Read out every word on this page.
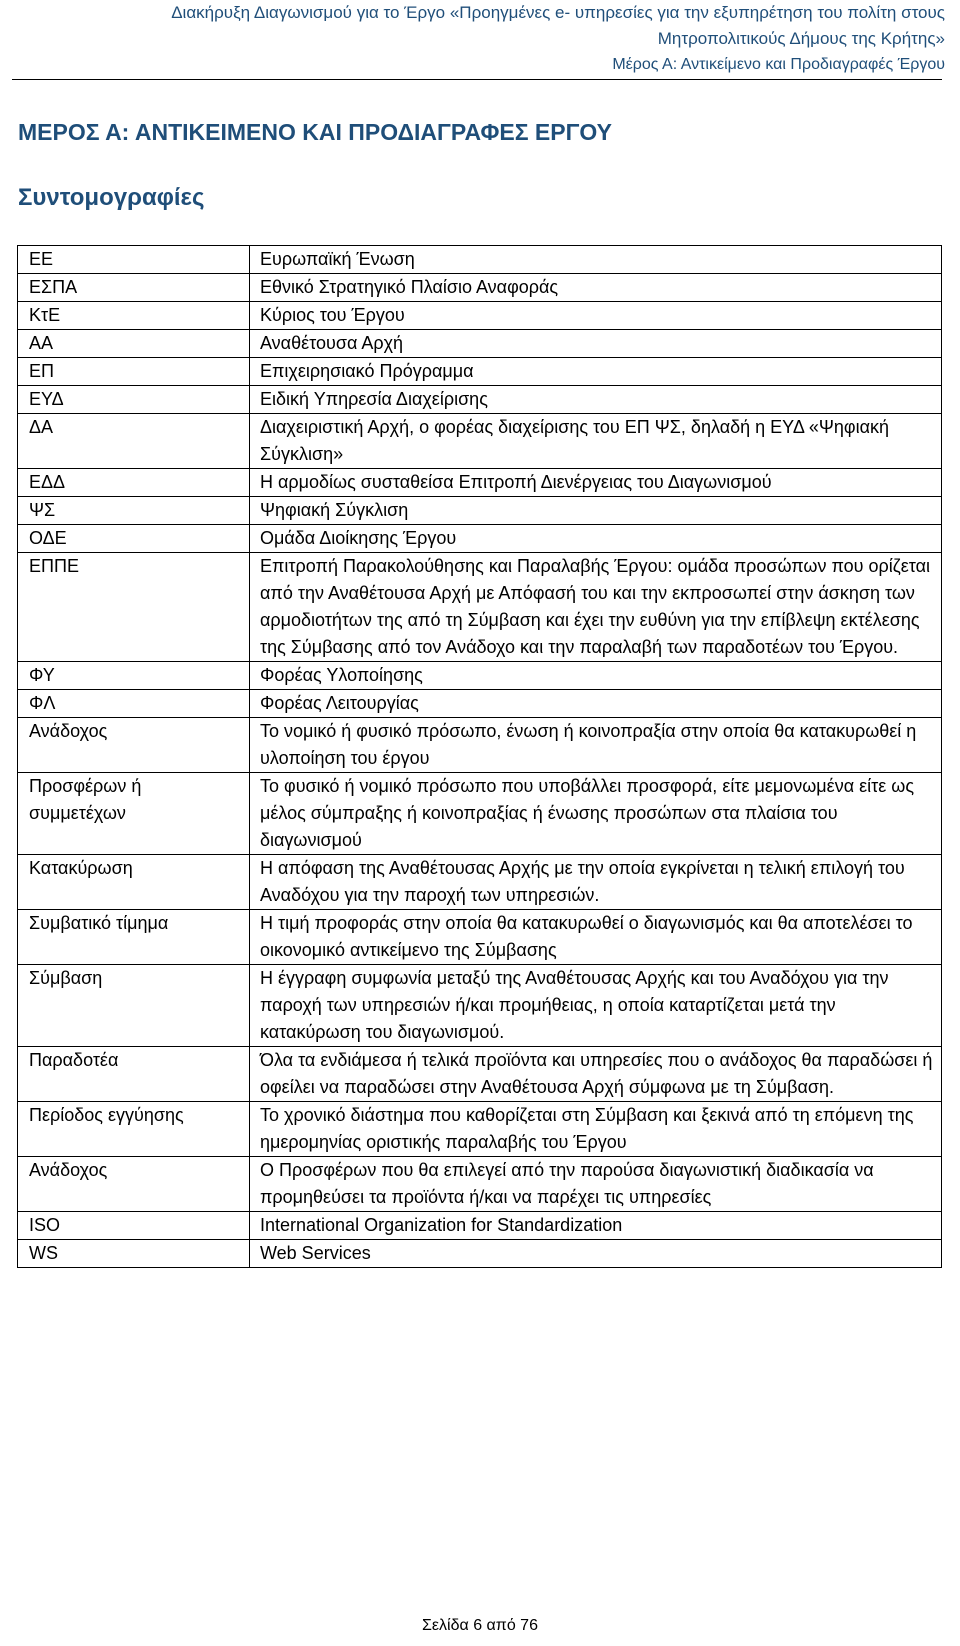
Διακήρυξη Διαγωνισμού για το Έργο «Προηγμένες e- υπηρεσίες για την εξυπηρέτηση του πολίτη στους
Μητροπολιτικούς Δήμους της Κρήτης»
Μέρος Α: Αντικείμενο και Προδιαγραφές Έργου
ΜΕΡΟΣ Α: ΑΝΤΙΚΕΙΜΕΝΟ ΚΑΙ ΠΡΟΔΙΑΓΡΑΦΕΣ ΕΡΓΟΥ
Συντομογραφίες
ΕΕ	Ευρωπαϊκή Ένωση
ΕΣΠΑ	Εθνικό Στρατηγικό Πλαίσιο Αναφοράς
ΚτΕ	Κύριος του Έργου
ΑΑ	Αναθέτουσα Αρχή
ΕΠ	Επιχειρησιακό Πρόγραμμα
ΕΥΔ	Ειδική Υπηρεσία Διαχείρισης
ΔΑ	Διαχειριστική Αρχή, ο φορέας διαχείρισης του ΕΠ ΨΣ, δηλαδή η ΕΥΔ «Ψηφιακή Σύγκλιση»
ΕΔΔ	Η αρμοδίως συσταθείσα Επιτροπή Διενέργειας του Διαγωνισμού
ΨΣ	Ψηφιακή Σύγκλιση
ΟΔΕ	Ομάδα Διοίκησης Έργου
ΕΠΠΕ	Επιτροπή Παρακολούθησης και Παραλαβής Έργου: ομάδα προσώπων που ορίζεται από την Αναθέτουσα Αρχή με Απόφασή του και την εκπροσωπεί στην άσκηση των αρμοδιοτήτων της από τη Σύμβαση και έχει την ευθύνη για την επίβλεψη εκτέλεσης της Σύμβασης από τον Ανάδοχο και την παραλαβή των παραδοτέων του Έργου.
ΦΥ	Φορέας Υλοποίησης
ΦΛ	Φορέας Λειτουργίας
Ανάδοχος	Το νομικό ή φυσικό πρόσωπο, ένωση ή κοινοπραξία στην οποία θα κατακυρωθεί η υλοποίηση του έργου
Προσφέρων ή συμμετέχων	Το φυσικό ή νομικό πρόσωπο που υποβάλλει προσφορά, είτε μεμονωμένα είτε ως μέλος σύμπραξης ή κοινοπραξίας ή ένωσης προσώπων στα πλαίσια του διαγωνισμού
Κατακύρωση	Η απόφαση της Αναθέτουσας Αρχής με την οποία εγκρίνεται η τελική επιλογή του Αναδόχου για την παροχή των υπηρεσιών.
Συμβατικό τίμημα	Η τιμή προφοράς στην οποία θα κατακυρωθεί ο διαγωνισμός και θα αποτελέσει το οικονομικό αντικείμενο της Σύμβασης
Σύμβαση	Η έγγραφη συμφωνία μεταξύ της Αναθέτουσας Αρχής και του Αναδόχου για την παροχή των υπηρεσιών ή/και προμήθειας, η οποία καταρτίζεται μετά την κατακύρωση του διαγωνισμού.
Παραδοτέα	Όλα τα ενδιάμεσα ή τελικά προϊόντα και υπηρεσίες που ο ανάδοχος θα παραδώσει ή οφείλει να παραδώσει στην Αναθέτουσα Αρχή σύμφωνα με τη Σύμβαση.
Περίοδος εγγύησης	Το χρονικό διάστημα που καθορίζεται στη Σύμβαση και ξεκινά από τη επόμενη της ημερομηνίας οριστικής παραλαβής του Έργου
Ανάδοχος	Ο Προσφέρων που θα επιλεγεί από την παρούσα διαγωνιστική διαδικασία να προμηθεύσει τα προϊόντα ή/και να παρέχει τις υπηρεσίες
ISO	International Organization for Standardization
WS	Web Services
Σελίδα 6 από 76
